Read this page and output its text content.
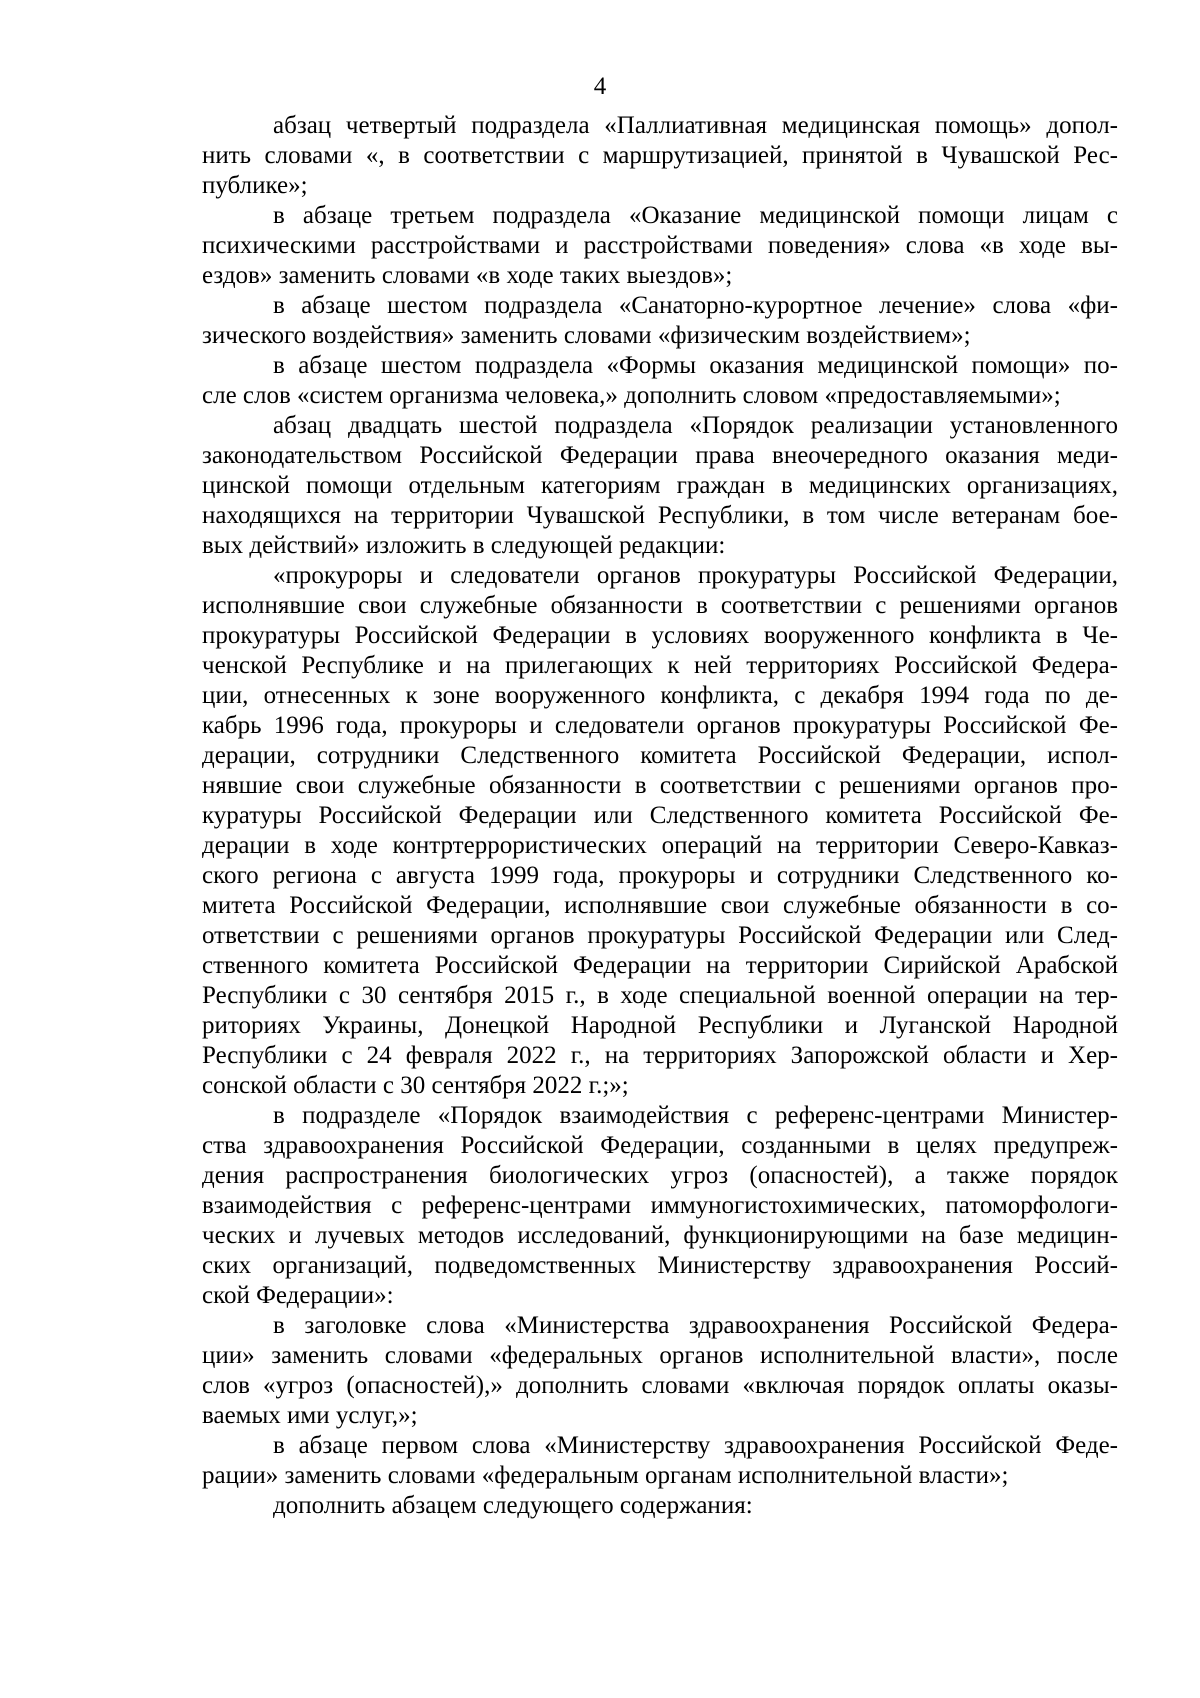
4
абзац четвертый подраздела «Паллиативная медицинская помощь» допол-
нить словами «, в соответствии с маршрутизацией, принятой в Чувашской Рес-
публике»;
в абзаце третьем подраздела «Оказание медицинской помощи лицам с
психическими расстройствами и расстройствами поведения» слова «в ходе вы-
ездов» заменить словами «в ходе таких выездов»;
в абзаце шестом подраздела «Санаторно-курортное лечение» слова «фи-
зического воздействия» заменить словами «физическим воздействием»;
в абзаце шестом подраздела «Формы оказания медицинской помощи» по-
сле слов «систем организма человека,» дополнить словом «предоставляемыми»;
абзац двадцать шестой подраздела «Порядок реализации установленного
законодательством Российской Федерации права внеочередного оказания меди-
цинской помощи отдельным категориям граждан в медицинских организациях,
находящихся на территории Чувашской Республики, в том числе ветеранам бое-
вых действий» изложить в следующей редакции:
«прокуроры и следователи органов прокуратуры Российской Федерации,
исполнявшие свои служебные обязанности в соответствии с решениями органов
прокуратуры Российской Федерации в условиях вооруженного конфликта в Че-
ченской Республике и на прилегающих к ней территориях Российской Федера-
ции, отнесенных к зоне вооруженного конфликта, с декабря 1994 года по де-
кабрь 1996 года, прокуроры и следователи органов прокуратуры Российской Фе-
дерации, сотрудники Следственного комитета Российской Федерации, испол-
нявшие свои служебные обязанности в соответствии с решениями органов про-
куратуры Российской Федерации или Следственного комитета Российской Фе-
дерации в ходе контртеррористических операций на территории Северо-Кавказ-
ского региона с августа 1999 года, прокуроры и сотрудники Следственного ко-
митета Российской Федерации, исполнявшие свои служебные обязанности в со-
ответствии с решениями органов прокуратуры Российской Федерации или След-
ственного комитета Российской Федерации на территории Сирийской Арабской
Республики с 30 сентября 2015 г., в ходе специальной военной операции на тер-
риториях Украины, Донецкой Народной Республики и Луганской Народной
Республики с 24 февраля 2022 г., на территориях Запорожской области и Хер-
сонской области с 30 сентября 2022 г.;»;
в подразделе «Порядок взаимодействия с референс-центрами Министер-
ства здравоохранения Российской Федерации, созданными в целях предупреж-
дения распространения биологических угроз (опасностей), а также порядок
взаимодействия с референс-центрами иммуногистохимических, патоморфологи-
ческих и лучевых методов исследований, функционирующими на базе медицин-
ских организаций, подведомственных Министерству здравоохранения Россий-
ской Федерации»:
в заголовке слова «Министерства здравоохранения Российской Федера-
ции» заменить словами «федеральных органов исполнительной власти», после
слов «угроз (опасностей),» дополнить словами «включая порядок оплаты оказы-
ваемых ими услуг,»;
в абзаце первом слова «Министерству здравоохранения Российской Феде-
рации» заменить словами «федеральным органам исполнительной власти»;
дополнить абзацем следующего содержания:
